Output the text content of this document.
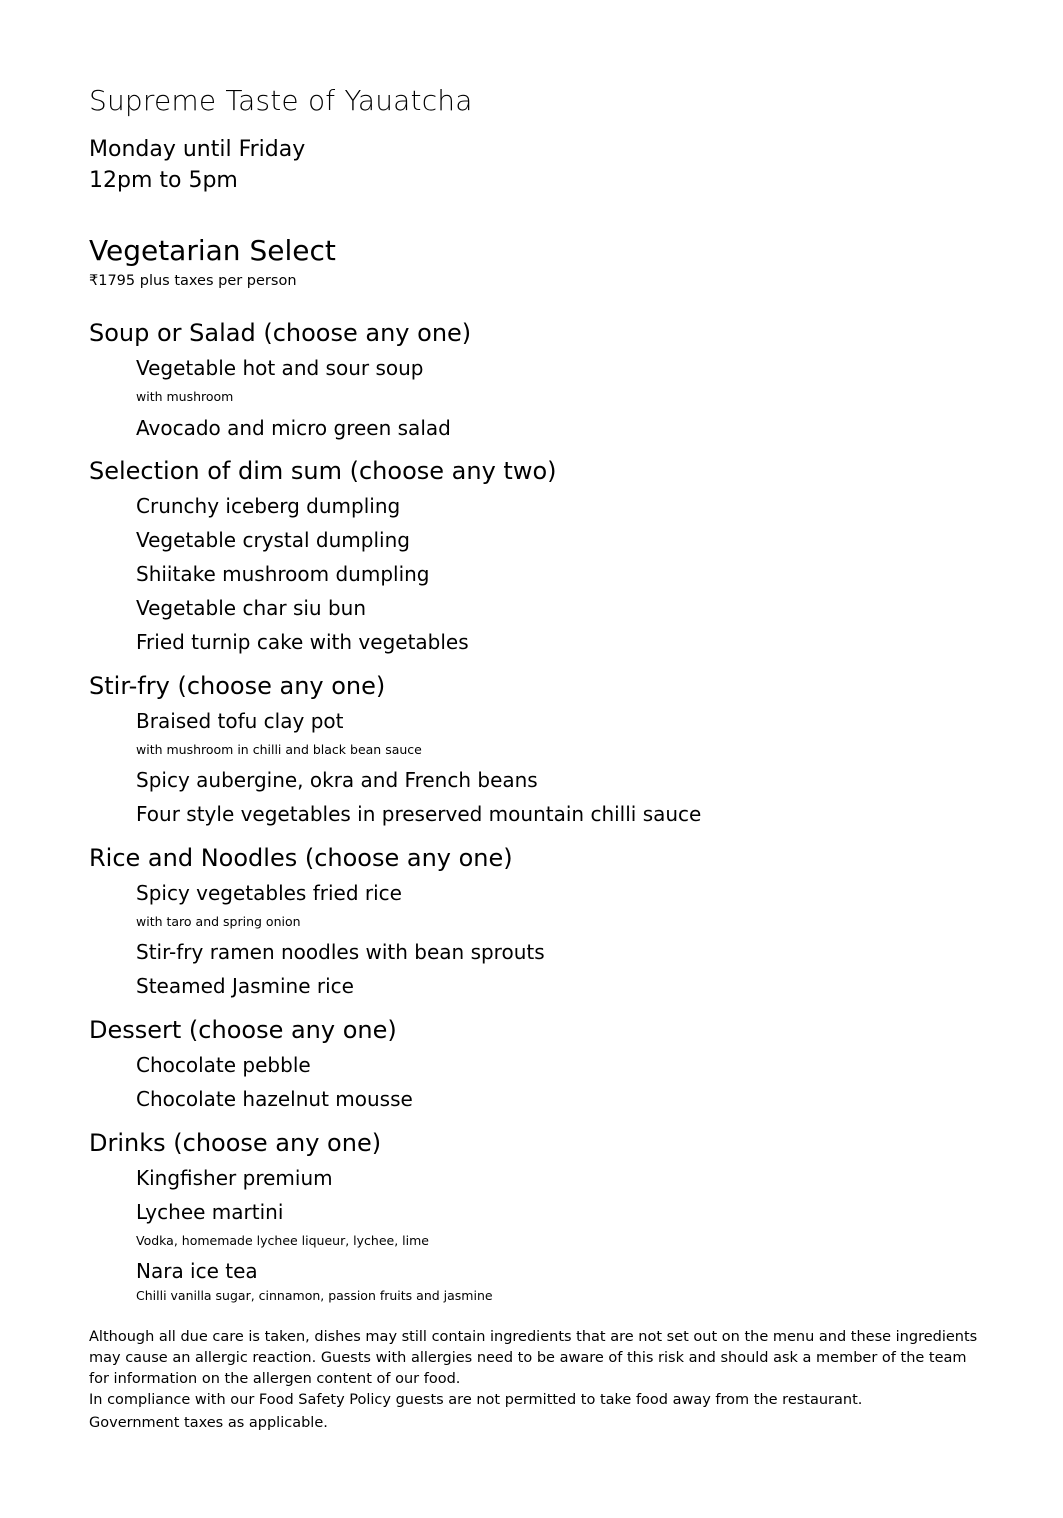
Supreme Taste of Yauatcha
Monday until Friday
12pm to 5pm
Vegetarian Select
₹1795 plus taxes per person
Soup or Salad (choose any one)
Vegetable hot and sour soup
with mushroom
Avocado and micro green salad
Selection of dim sum (choose any two)
Crunchy iceberg dumpling
Vegetable crystal dumpling
Shiitake mushroom dumpling
Vegetable char siu bun
Fried turnip cake with vegetables
Stir-fry (choose any one)
Braised tofu clay pot
with mushroom in chilli and black bean sauce
Spicy aubergine, okra and French beans
Four style vegetables in preserved mountain chilli sauce
Rice and Noodles (choose any one)
Spicy vegetables fried rice
with taro and spring onion
Stir-fry ramen noodles with bean sprouts
Steamed Jasmine rice
Dessert (choose any one)
Chocolate pebble
Chocolate hazelnut mousse
Drinks (choose any one)
Kingfisher premium
Lychee martini
Vodka, homemade lychee liqueur, lychee, lime
Nara ice tea
Chilli vanilla sugar, cinnamon, passion fruits and jasmine
Although all due care is taken, dishes may still contain ingredients that are not set out on the menu and these ingredients may cause an allergic reaction. Guests with allergies need to be aware of this risk and should ask a member of the team for information on the allergen content of our food.
In compliance with our Food Safety Policy guests are not permitted to take food away from the restaurant.
Government taxes as applicable.
